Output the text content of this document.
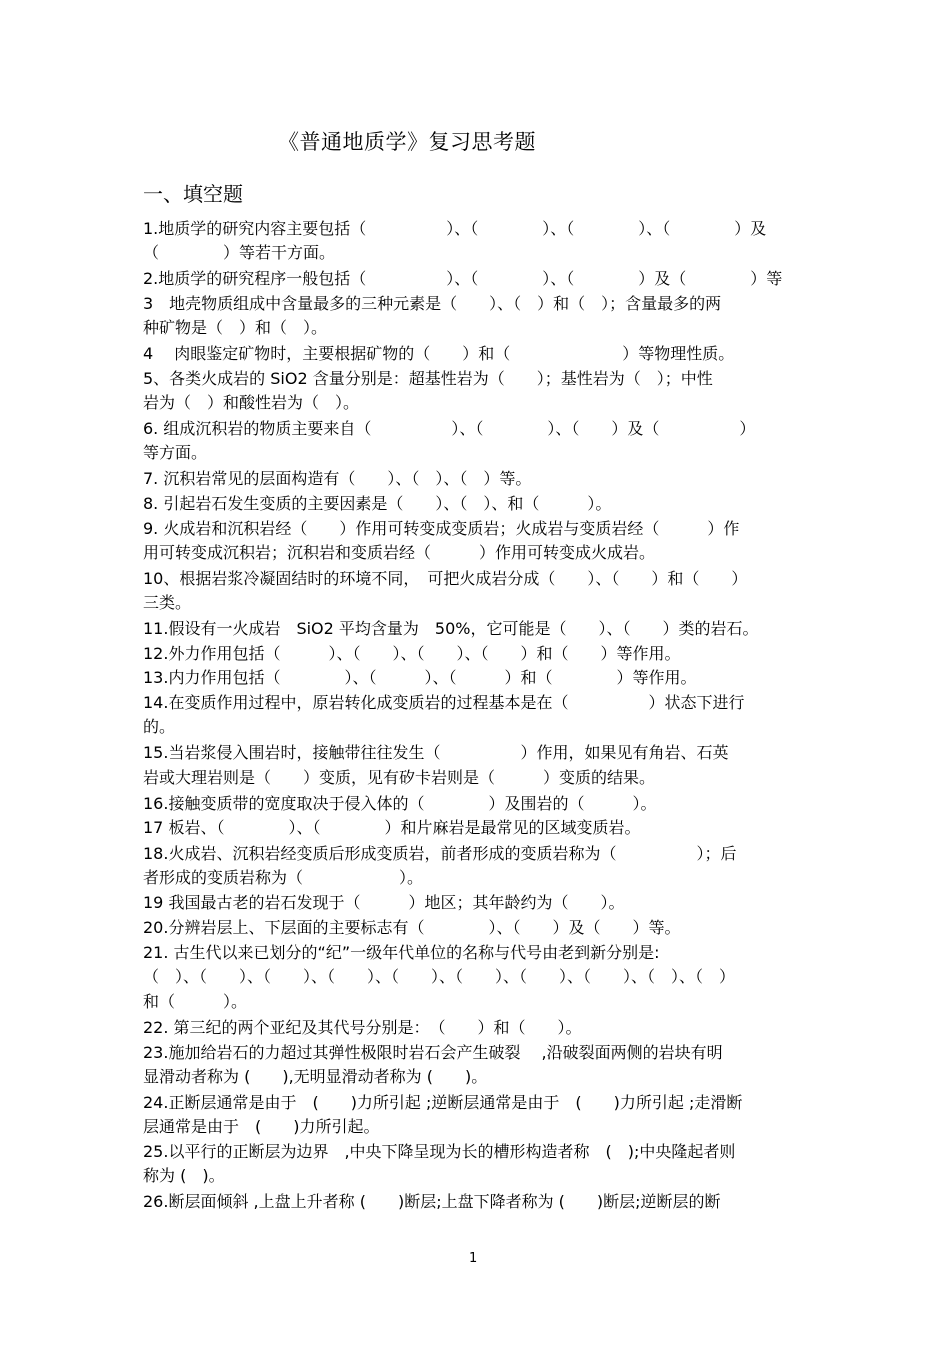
《普通地质学》复习思考题
一、填空题
1.地质学的研究内容主要包括（　　　　　）、（　　　　）、（　　　　）、（　　　　）及
（　　　　）等若干方面。
2.地质学的研究程序一般包括（　　　　　）、（　　　　）、（　　　　）及（　　　　）等
3　地壳物质组成中含量最多的三种元素是（　　）、（　）和（　）；含量最多的两
种矿物是（　）和（　）。
4　 肉眼鉴定矿物时，主要根据矿物的（　　）和（　　　　　　　）等物理性质。
5、各类火成岩的 SiO2 含量分别是：超基性岩为（　　）；基性岩为（　）；中性
岩为（　）和酸性岩为（　）。
6. 组成沉积岩的物质主要来自（　　　　　）、（　　　　）、（　　）及（　　　　　）
等方面。
7. 沉积岩常见的层面构造有（　　）、（　）、（　）等。
8. 引起岩石发生变质的主要因素是（　　）、（　）、和（　　　）。
9. 火成岩和沉积岩经（　　）作用可转变成变质岩；火成岩与变质岩经（　　　）作
用可转变成沉积岩；沉积岩和变质岩经（　　　）作用可转变成火成岩。
10、根据岩浆冷凝固结时的环境不同，　可把火成岩分成（　　）、（　　）和（　　）
三类。
11.假设有一火成岩　SiO2 平均含量为　50%，它可能是（　　）、（　　）类的岩石。
12.外力作用包括（　　　）、（　　）、（　　）、（　　）和（　　）等作用。
13.内力作用包括（　　　　）、（　　　）、（　　　）和（　　　　）等作用。
14.在变质作用过程中，原岩转化成变质岩的过程基本是在（　　　　　）状态下进行
的。
15.当岩浆侵入围岩时，接触带往往发生（　　　　　）作用，如果见有角岩、石英
岩或大理岩则是（　　）变质，见有矽卡岩则是（　　　）变质的结果。
16.接触变质带的宽度取决于侵入体的（　　　　）及围岩的（　　　）。
17 板岩、（　　　　）、（　　　　）和片麻岩是最常见的区域变质岩。
18.火成岩、沉积岩经变质后形成变质岩，前者形成的变质岩称为（　　　　　）；后
者形成的变质岩称为（　　　　　　）。
19 我国最古老的岩石发现于（　　　）地区；其年龄约为（　　）。
20.分辨岩层上、下层面的主要标志有（　　　　）、（　　）及（　　）等。
21. 古生代以来已划分的“纪”一级年代单位的名称与代号由老到新分别是:
（　）、（　　）、（　　）、（　　）、（　　）、（　　）、（　　）、（　　）、（　）、（　）
和（　　　）。
22. 第三纪的两个亚纪及其代号分别是：　（　　）和（　　）。
23.施加给岩石的力超过其弹性极限时岩石会产生破裂　 ,沿破裂面两侧的岩块有明
显滑动者称为 (　　),无明显滑动者称为 (　　)。
24.正断层通常是由于　(　　)力所引起 ;逆断层通常是由于　(　　)力所引起 ;走滑断
层通常是由于　(　　)力所引起。
25.以平行的正断层为边界　,中央下降呈现为长的槽形构造者称　(　);中央隆起者则
称为 (　)。
26.断层面倾斜 ,上盘上升者称 (　　)断层;上盘下降者称为 (　　)断层;逆断层的断
1
